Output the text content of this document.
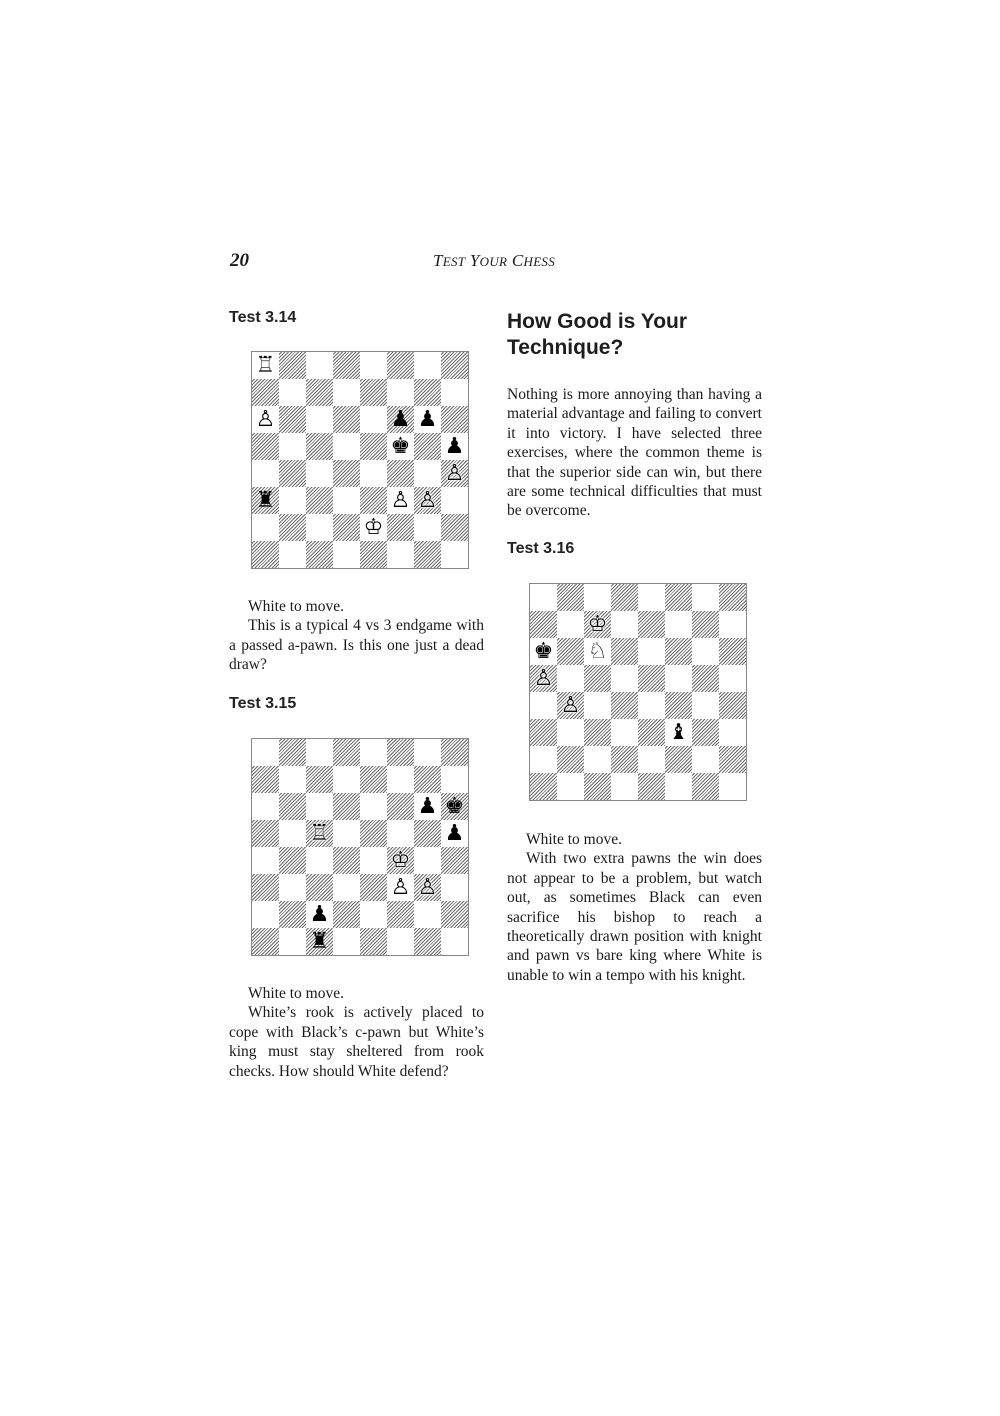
20	TEST YOUR CHESS
Test 3.14
♖
♙	♟ ♟
♚ ♟
♙
♜	♙ ♙
♔

White to move.

This is a typical 4 vs 3 endgame with a passed a-pawn. Is this one just a dead draw?

Test 3.15
♟ ♚
♖	♟
♔
♙ ♙
♟
♜

White to move.

White’s rook is actively placed to cope with Black’s c-pawn but White’s king must stay sheltered from rook checks. How should White defend?

How Good is Your Technique?

Nothing is more annoying than having a material advantage and failing to convert it into victory. I have selected three exercises, where the common theme is that the superior side can win, but there are some technical difficulties that must be overcome.

Test 3.16
♔
♚ ♘
♙
♙
♝

White to move.

With two extra pawns the win does not appear to be a problem, but watch out, as sometimes Black can even sacrifice his bishop to reach a theoretically drawn position with knight and pawn vs bare king where White is unable to win a tempo with his knight.
